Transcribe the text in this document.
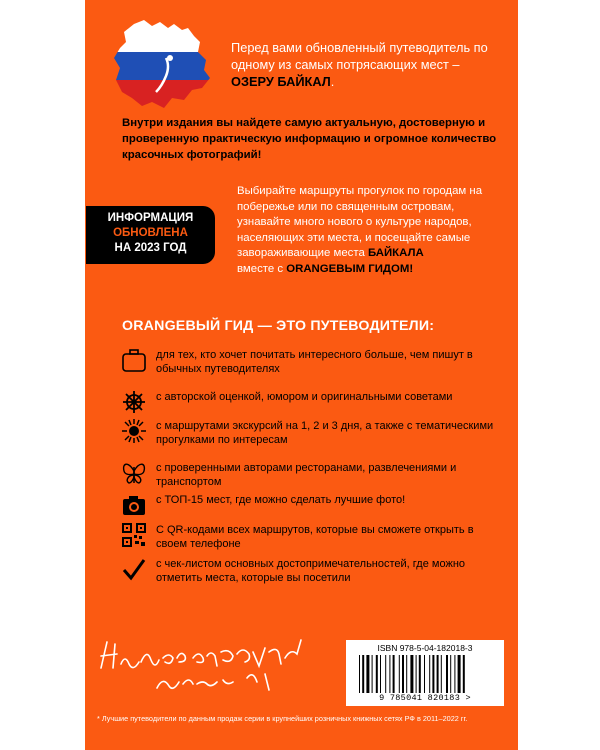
Перед вами обновленный путеводитель по одному из самых потрясающих мест – ОЗЕРУ БАЙКАЛ.
Внутри издания вы найдете самую актуальную, достоверную и проверенную практическую информацию и огромное количество красочных фотографий!
ИНФОРМАЦИЯ
ОБНОВЛЕНА
НА 2023 ГОД
Выбирайте маршруты прогулок по городам на побережье или по священным островам, узнавайте много нового о культуре народов, населяющих эти места, и посещайте самые завораживающие места БАЙКАЛА
вместе с ORANGEВЫМ ГИДОМ!
ORANGEВЫЙ ГИД — ЭТО ПУТЕВОДИТЕЛИ:
для тех, кто хочет почитать интересного больше, чем пишут в обычных путеводителях
с авторской оценкой, юмором и оригинальными советами
с маршрутами экскурсий на 1, 2 и 3 дня, а также с тематическими прогулками по интересам
с проверенными авторами ресторанами, развлечениями и транспортом
с ТОП-15 мест, где можно сделать лучшие фото!
С QR-кодами всех маршрутов, которые вы сможете открыть в своем телефоне
с чек-листом основных достопримечательностей, где можно отметить места, которые вы посетили
ISBN 978-5-04-182018-3
9 785041 820183 >
* Лучшие путеводители по данным продаж серии в крупнейших розничных книжных сетях РФ в 2011–2022 гг.
